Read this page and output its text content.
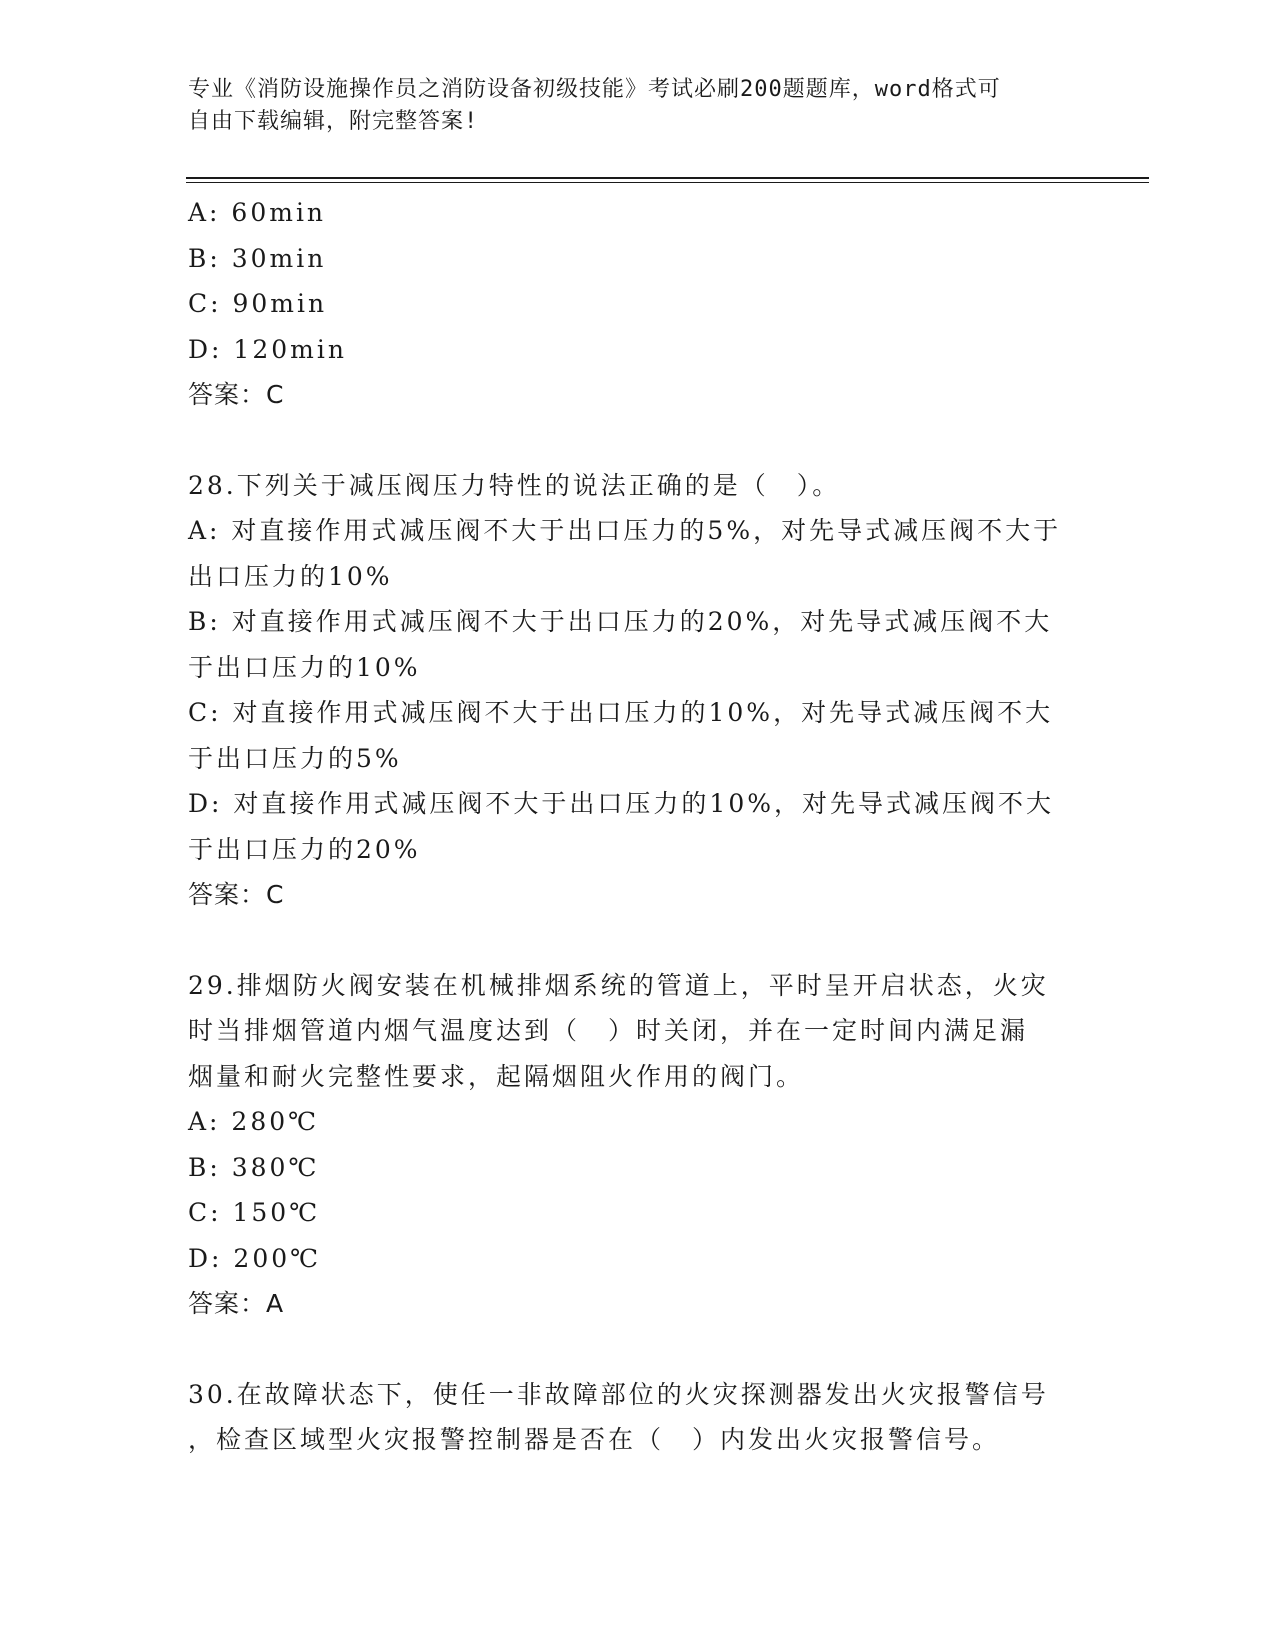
专业《消防设施操作员之消防设备初级技能》考试必刷200题题库，word格式可
自由下载编辑，附完整答案!
A: 60min
B: 30min
C: 90min
D: 120min
答案：C
28.下列关于减压阀压力特性的说法正确的是（　）。
A: 对直接作用式减压阀不大于出口压力的5%，对先导式减压阀不大于
出口压力的10%
B: 对直接作用式减压阀不大于出口压力的20%，对先导式减压阀不大
于出口压力的10%
C: 对直接作用式减压阀不大于出口压力的10%，对先导式减压阀不大
于出口压力的5%
D: 对直接作用式减压阀不大于出口压力的10%，对先导式减压阀不大
于出口压力的20%
答案：C
29.排烟防火阀安装在机械排烟系统的管道上，平时呈开启状态，火灾
时当排烟管道内烟气温度达到（　）时关闭，并在一定时间内满足漏
烟量和耐火完整性要求，起隔烟阻火作用的阀门。
A: 280℃
B: 380℃
C: 150℃
D: 200℃
答案：A
30.在故障状态下，使任一非故障部位的火灾探测器发出火灾报警信号
，检查区域型火灾报警控制器是否在（　）内发出火灾报警信号。
